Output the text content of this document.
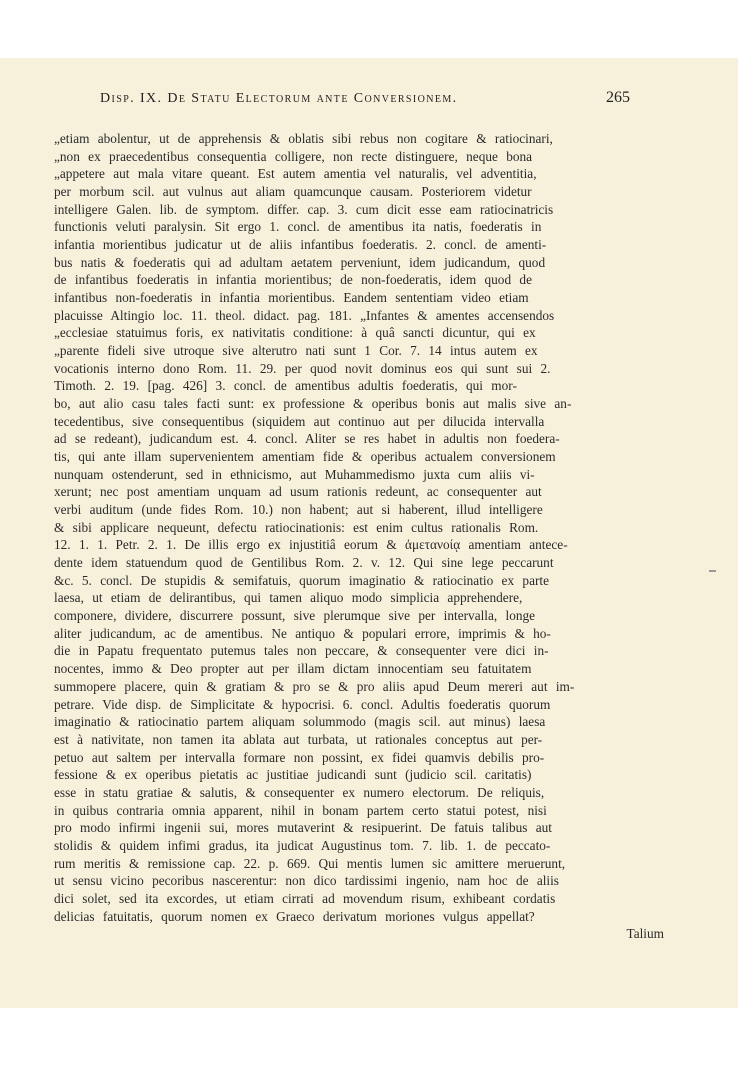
Disp. IX. De Statu Electorum ante Conversionem.	265
„etiam abolentur, ut de apprehensis & oblatis sibi rebus non cogitare & ratiocinari,
„non ex praecedentibus consequentia colligere, non recte distinguere, neque bona
„appetere aut mala vitare queant. Est autem amentia vel naturalis, vel adventitia,
per morbum scil. aut vulnus aut aliam quamcunque causam. Posteriorem videtur
intelligere Galen. lib. de symptom. differ. cap. 3. cum dicit esse eam ratiocinatricis
functionis veluti paralysin. Sit ergo 1. concl. de amentibus ita natis, foederatis in
infantia morientibus judicatur ut de aliis infantibus foederatis. 2. concl. de amenti-
bus natis & foederatis qui ad adultam aetatem perveniunt, idem judicandum, quod
de infantibus foederatis in infantia morientibus; de non-foederatis, idem quod de
infantibus non-foederatis in infantia morientibus. Eandem sententiam video etiam
placuisse Altingio loc. 11. theol. didact. pag. 181. „Infantes & amentes accensendos
„ecclesiae statuimus foris, ex nativitatis conditione: à quâ sancti dicuntur, qui ex
„parente fideli sive utroque sive alterutro nati sunt 1 Cor. 7. 14 intus autem ex
vocationis interno dono Rom. 11. 29. per quod novit dominus eos qui sunt sui 2.
Timoth. 2. 19. [pag. 426] 3. concl. de amentibus adultis foederatis, qui mor-
bo, aut alio casu tales facti sunt: ex professione & operibus bonis aut malis sive an-
tecedentibus, sive consequentibus (siquidem aut continuo aut per dilucida intervalla
ad se redeant), judicandum est. 4. concl. Aliter se res habet in adultis non foedera-
tis, qui ante illam supervenientem amentiam fide & operibus actualem conversionem
nunquam ostenderunt, sed in ethnicismo, aut Muhammedismo juxta cum aliis vi-
xerunt; nec post amentiam unquam ad usum rationis redeunt, ac consequenter aut
verbi auditum (unde fides Rom. 10.) non habent; aut si haberent, illud intelligere
& sibi applicare nequeunt, defectu ratiocinationis: est enim cultus rationalis Rom.
12. 1. 1. Petr. 2. 1. De illis ergo ex injustitiâ eorum & ἀμετανοίᾳ amentiam antece-
dente idem statuendum quod de Gentilibus Rom. 2. v. 12. Qui sine lege peccarunt
&c. 5. concl. De stupidis & semifatuis, quorum imaginatio & ratiocinatio ex parte
laesa, ut etiam de delirantibus, qui tamen aliquo modo simplicia apprehendere,
componere, dividere, discurrere possunt, sive plerumque sive per intervalla, longe
aliter judicandum, ac de amentibus. Ne antiquo & populari errore, imprimis & ho-
die in Papatu frequentato putemus tales non peccare, & consequenter vere dici in-
nocentes, immo & Deo propter aut per illam dictam innocentiam seu fatuitatem
summopere placere, quin & gratiam & pro se & pro aliis apud Deum mereri aut im-
petrare. Vide disp. de Simplicitate & hypocrisi. 6. concl. Adultis foederatis quorum
imaginatio & ratiocinatio partem aliquam solummodo (magis scil. aut minus) laesa
est à nativitate, non tamen ita ablata aut turbata, ut rationales conceptus aut per-
petuo aut saltem per intervalla formare non possint, ex fidei quamvis debilis pro-
fessione & ex operibus pietatis ac justitiae judicandi sunt (judicio scil. caritatis)
esse in statu gratiae & salutis, & consequenter ex numero electorum. De reliquis,
in quibus contraria omnia apparent, nihil in bonam partem certo statui potest, nisi
pro modo infirmi ingenii sui, mores mutaverint & resipuerint. De fatuis talibus aut
stolidis & quidem infimi gradus, ita judicat Augustinus tom. 7. lib. 1. de peccato-
rum meritis & remissione cap. 22. p. 669. Qui mentis lumen sic amittere meruerunt,
ut sensu vicino pecoribus nascerentur: non dico tardissimi ingenio, nam hoc de aliis
dici solet, sed ita excordes, ut etiam cirrati ad movendum risum, exhibeant cordatis
delicias fatuitatis, quorum nomen ex Graeco derivatum moriones vulgus appellat?
Talium
